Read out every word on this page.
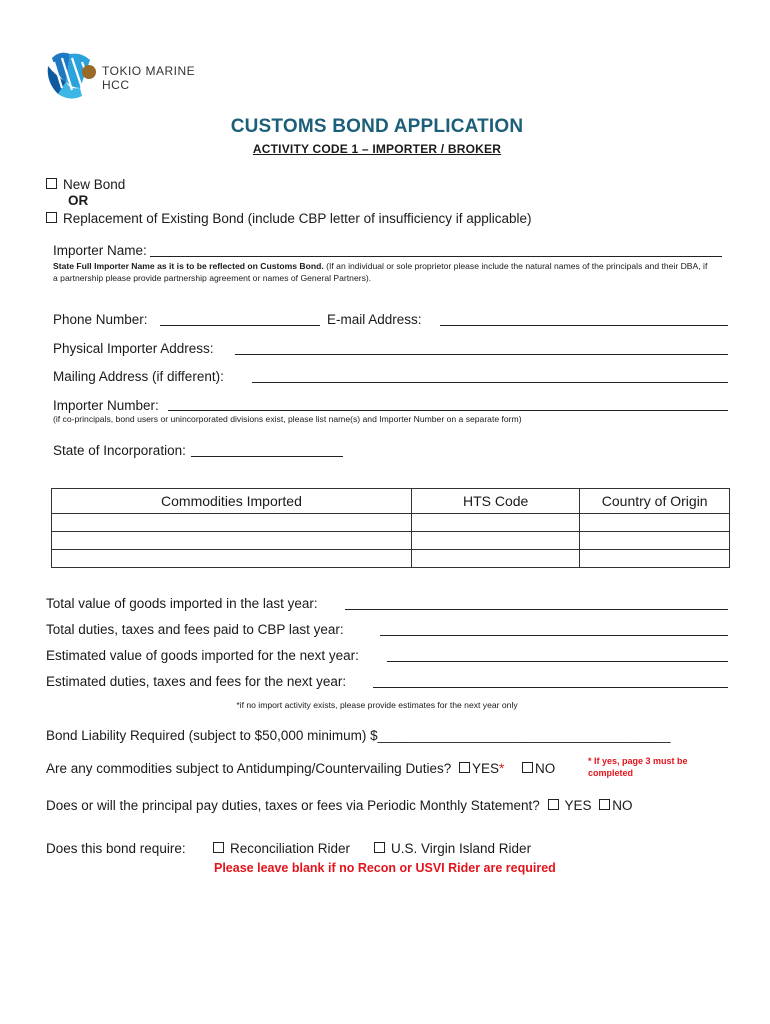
TOKIO MARINE
HCC
CUSTOMS BOND APPLICATION
ACTIVITY CODE 1 – IMPORTER / BROKER
New Bond
OR
Replacement of Existing Bond (include CBP letter of insufficiency if applicable)
Importer Name:
State Full Importer Name as it is to be reflected on Customs Bond. (If an individual or sole proprietor please include the natural names of the principals and their DBA, if a partnership please provide partnership agreement or names of General Partners).
Phone Number:	E-mail Address:
Physical Importer Address:
Mailing Address (if different):
Importer Number:
(if co-principals, bond users or unincorporated divisions exist, please list name(s) and Importer Number on a separate form)
State of Incorporation:
Commodities Imported	HTS Code	Country of Origin

Total value of goods imported in the last year:
Total duties, taxes and fees paid to CBP last year:
Estimated value of goods imported for the next year:
Estimated duties, taxes and fees for the next year:
*if no import activity exists, please provide estimates for the next year only
Bond Liability Required (subject to $50,000 minimum) $_______________________________________
Are any commodities subject to Antidumping/Countervailing Duties? YES* NO	* If yes, page 3 must be
completed
Does or will the principal pay duties, taxes or fees via Periodic Monthly Statement? YES NO
Does this bond require:	Reconciliation Rider	U.S. Virgin Island Rider
Please leave blank if no Recon or USVI Rider are required
